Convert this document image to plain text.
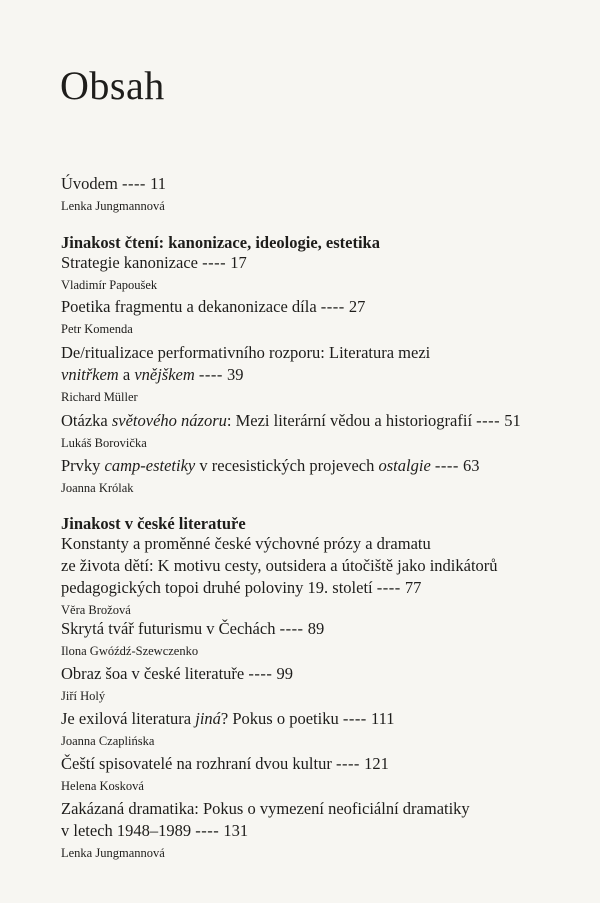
Obsah
Úvodem ---- 11
Lenka Jungmannová
Jinakost čtení: kanonizace, ideologie, estetika
Strategie kanonizace ---- 17
Vladimír Papoušek
Poetika fragmentu a dekanonizace díla ---- 27
Petr Komenda
De/ritualizace performativního rozporu: Literatura mezi
vnitřkem a vnějškem ---- 39
Richard Müller
Otázka světového názoru: Mezi literární vědou a historiografií ---- 51
Lukáš Borovička
Prvky camp-estetiky v recesistických projevech ostalgie ---- 63
Joanna Królak
Jinakost v české literatuře
Konstanty a proměnné české výchovné prózy a dramatu
ze života dětí: K motivu cesty, outsidera a útočiště jako indikátorů
pedagogických topoi druhé poloviny 19. století ---- 77
Věra Brožová
Skrytá tvář futurismu v Čechách ---- 89
Ilona Gwóźdź-Szewczenko
Obraz šoa v české literatuře ---- 99
Jiří Holý
Je exilová literatura jiná? Pokus o poetiku ---- 111
Joanna Czaplińska
Čeští spisovatelé na rozhraní dvou kultur ---- 121
Helena Kosková
Zakázaná dramatika: Pokus o vymezení neoficiální dramatiky
v letech 1948–1989 ---- 131
Lenka Jungmannová
